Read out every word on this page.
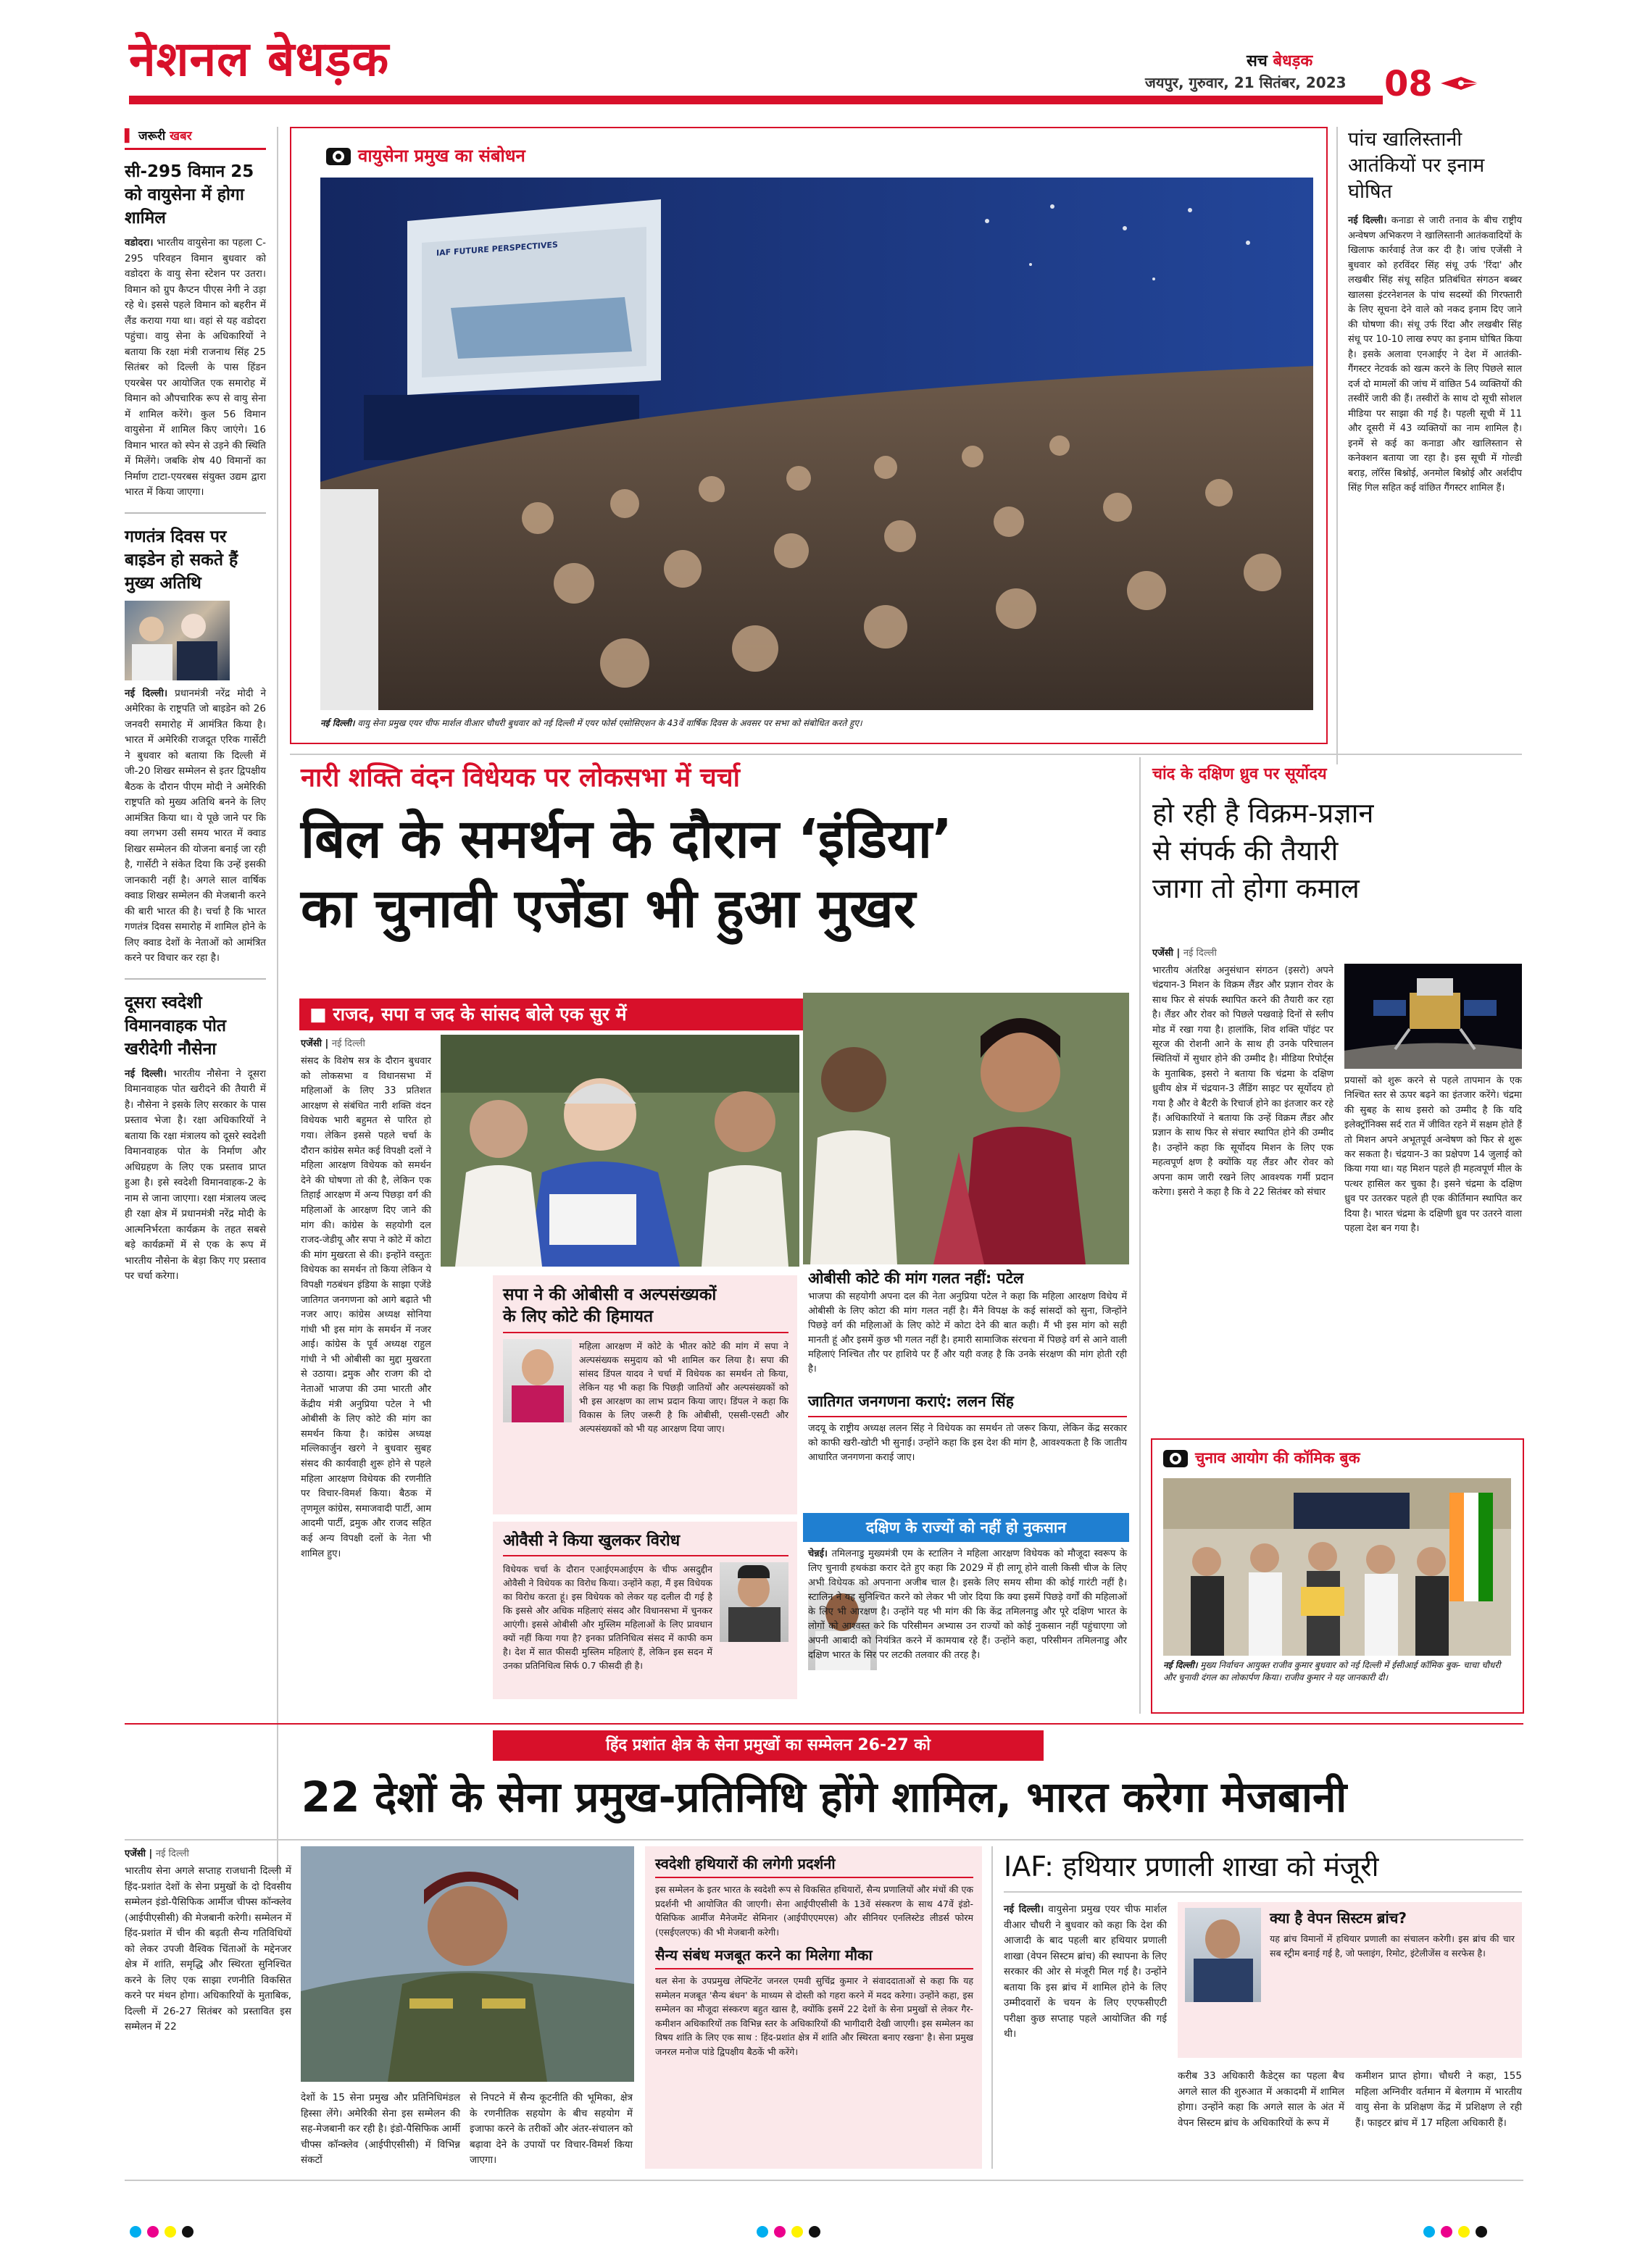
नेशनल बेधड़क	सच बेधड़क
जयपुर, गुरुवार, 21 सितंबर, 2023 08
▌ जरूरी खबर
सी-295 विमान 25 को वायुसेना में होगा शामिल
वडोदरा। भारतीय वायुसेना का पहला C-295 परिवहन विमान बुधवार को वडोदरा के वायु सेना स्टेशन पर उतरा। विमान को ग्रुप कैप्टन पीएस नेगी ने उड़ा रहे थे। इससे पहले विमान को बहरीन में लैंड कराया गया था। वहां से यह वडोदरा पहुंचा। वायु सेना के अधिकारियों ने बताया कि रक्षा मंत्री राजनाथ सिंह 25 सितंबर को दिल्ली के पास हिंडन एयरबेस पर आयोजित एक समारोह में विमान को औपचारिक रूप से वायु सेना में शामिल करेंगे। कुल 56 विमान वायुसेना में शामिल किए जाएंगे। 16 विमान भारत को स्पेन से उड़ने की स्थिति में मिलेंगे। जबकि शेष 40 विमानों का निर्माण टाटा-एयरबस संयुक्त उद्यम द्वारा भारत में किया जाएगा।
गणतंत्र दिवस पर बाइडेन हो सकते हैं मुख्य अतिथि
नई दिल्ली। प्रधानमंत्री नरेंद्र मोदी ने अमेरिका के राष्ट्रपति जो बाइडेन को 26 जनवरी समारोह में आमंत्रित किया है। भारत में अमेरिकी राजदूत एरिक गार्सेटी ने बुधवार को बताया कि दिल्ली में जी-20 शिखर सम्मेलन से इतर द्विपक्षीय बैठक के दौरान पीएम मोदी ने अमेरिकी राष्ट्रपति को मुख्य अतिथि बनने के लिए आमंत्रित किया था। ये पूछे जाने पर कि क्या लगभग उसी समय भारत में क्वाड शिखर सम्मेलन की योजना बनाई जा रही है, गार्सेटी ने संकेत दिया कि उन्हें इसकी जानकारी नहीं है। अगले साल वार्षिक क्वाड शिखर सम्मेलन की मेजबानी करने की बारी भारत की है। चर्चा है कि भारत गणतंत्र दिवस समारोह में शामिल होने के लिए क्वाड देशों के नेताओं को आमंत्रित करने पर विचार कर रहा है।
दूसरा स्वदेशी विमानवाहक पोत खरीदेगी नौसेना
नई दिल्ली। भारतीय नौसेना ने दूसरा विमानवाहक पोत खरीदने की तैयारी में है। नौसेना ने इसके लिए सरकार के पास प्रस्ताव भेजा है। रक्षा अधिकारियों ने बताया कि रक्षा मंत्रालय को दूसरे स्वदेशी विमानवाहक पोत के निर्माण और अधिग्रहण के लिए एक प्रस्ताव प्राप्त हुआ है। इसे स्वदेशी विमानवाहक-2 के नाम से जाना जाएगा। रक्षा मंत्रालय जल्द ही रक्षा क्षेत्र में प्रधानमंत्री नरेंद्र मोदी के आत्मनिर्भरता कार्यक्रम के तहत सबसे बड़े कार्यक्रमों में से एक के रूप में भारतीय नौसेना के बेड़ा किए गए प्रस्ताव पर चर्चा करेगा।
वायुसेना प्रमुख का संबोधन
IAF FUTURE PERSPECTIVES
नई दिल्ली। वायु सेना प्रमुख एयर चीफ मार्शल वीआर चौधरी बुधवार को नई दिल्ली में एयर फोर्स एसोसिएशन के 43वें वार्षिक दिवस के अवसर पर सभा को संबोधित करते हुए।
पांच खालिस्तानी आतंकियों पर इनाम घोषित
नई दिल्ली। कनाडा से जारी तनाव के बीच राष्ट्रीय अन्वेषण अभिकरण ने खालिस्तानी आतंकवादियों के खिलाफ कार्रवाई तेज कर दी है। जांच एजेंसी ने बुधवार को हरविंदर सिंह संधू उर्फ 'रिंदा' और लखबीर सिंह संधू सहित प्रतिबंधित संगठन बब्बर खालसा इंटरनेशनल के पांच सदस्यों की गिरफ्तारी के लिए सूचना देने वाले को नकद इनाम दिए जाने की घोषणा की। संधू उर्फ रिंदा और लखबीर सिंह संधू पर 10-10 लाख रुपए का इनाम घोषित किया है। इसके अलावा एनआईए ने देश में आतंकी-गैंगस्टर नेटवर्क को खत्म करने के लिए पिछले साल दर्ज दो मामलों की जांच में वांछित 54 व्यक्तियों की तस्वीरें जारी की हैं। तस्वीरों के साथ दो सूची सोशल मीडिया पर साझा की गई है। पहली सूची में 11 और दूसरी में 43 व्यक्तियों का नाम शामिल है। इनमें से कई का कनाडा और खालिस्तान से कनेक्शन बताया जा रहा है। इस सूची में गोल्डी बराड़, लॉरेंस बिश्नोई, अनमोल बिश्नोई और अर्शदीप सिंह गिल सहित कई वांछित गैंगस्टर शामिल हैं।
नारी शक्ति वंदन विधेयक पर लोकसभा में चर्चा
बिल के समर्थन के दौरान ‘इंडिया’
का चुनावी एजेंडा भी हुआ मुखर
■ राजद, सपा व जद के सांसद बोले एक सुर में
एजेंसी | नई दिल्ली
संसद के विशेष सत्र के दौरान बुधवार को लोकसभा व विधानसभा में महिलाओं के लिए 33 प्रतिशत आरक्षण से संबंधित नारी शक्ति वंदन विधेयक भारी बहुमत से पारित हो गया। लेकिन इससे पहले चर्चा के दौरान कांग्रेस समेत कई विपक्षी दलों ने महिला आरक्षण विधेयक को समर्थन देने की घोषणा तो की है, लेकिन एक तिहाई आरक्षण में अन्य पिछड़ा वर्ग की महिलाओं के आरक्षण दिए जाने की मांग की। कांग्रेस के सहयोगी दल राजद-जेडीयू और सपा ने कोटे में कोटा की मांग मुखरता से की। इन्होंने वस्तुतः विधेयक का समर्थन तो किया लेकिन ये विपक्षी गठबंधन इंडिया के साझा एजेंडे जातिगत जनगणना को आगे बढ़ाते भी नजर आए। कांग्रेस अध्यक्ष सोनिया गांधी भी इस मांग के समर्थन में नजर आई। कांग्रेस के पूर्व अध्यक्ष राहुल गांधी ने भी ओबीसी का मुद्दा मुखरता से उठाया। द्रमुक और राजग की दो नेताओं भाजपा की उमा भारती और केंद्रीय मंत्री अनुप्रिया पटेल ने भी ओबीसी के लिए कोटे की मांग का समर्थन किया है। कांग्रेस अध्यक्ष मल्लिकार्जुन खरगे ने बुधवार सुबह संसद की कार्यवाही शुरू होने से पहले महिला आरक्षण विधेयक की रणनीति पर विचार-विमर्श किया। बैठक में तृणमूल कांग्रेस, समाजवादी पार्टी, आम आदमी पार्टी, द्रमुक और राजद सहित कई अन्य विपक्षी दलों के नेता भी शामिल हुए।
ओबीसी कोटे की मांग गलत नहीं: पटेल
भाजपा की सहयोगी अपना दल की नेता अनुप्रिया पटेल ने कहा कि महिला आरक्षण विधेय में ओबीसी के लिए कोटा की मांग गलत नहीं है। मैंने विपक्ष के कई सांसदों को सुना, जिन्होंने पिछड़े वर्ग की महिलाओं के लिए कोटे में कोटा देने की बात कही। मैं भी इस मांग को सही मानती हूं और इसमें कुछ भी गलत नहीं है। हमारी सामाजिक संरचना में पिछड़े वर्ग से आने वाली महिलाएं निश्चित तौर पर हाशिये पर हैं और यही वजह है कि उनके संरक्षण की मांग होती रही है।
सपा ने की ओबीसी व अल्पसंख्यकों
के लिए कोटे की हिमायत
महिला आरक्षण में कोटे के भीतर कोटे की मांग में सपा ने अल्पसंख्यक समुदाय को भी शामिल कर लिया है। सपा की सांसद डिंपल यादव ने चर्चा में विधेयक का समर्थन तो किया, लेकिन यह भी कहा कि पिछड़ी जातियों और अल्पसंख्यकों को भी इस आरक्षण का लाभ प्रदान किया जाए। डिंपल ने कहा कि विकास के लिए जरूरी है कि ओबीसी, एससी-एसटी और अल्पसंख्यकों को भी यह आरक्षण दिया जाए।
जातिगत जनगणना कराएं: ललन सिंह
जदयू के राष्ट्रीय अध्यक्ष ललन सिंह ने विधेयक का समर्थन तो जरूर किया, लेकिन केंद्र सरकार को काफी खरी-खोटी भी सुनाई। उन्होंने कहा कि इस देश की मांग है, आवश्यकता है कि जातीय आधारित जनगणना कराई जाए।
ओवैसी ने किया खुलकर विरोध
विधेयक चर्चा के दौरान एआईएमआईएम के चीफ असदुद्दीन ओवैसी ने विधेयक का विरोध किया। उन्होंने कहा, मैं इस विधेयक का विरोध करता हूं। इस विधेयक को लेकर यह दलील दी गई है कि इससे और अधिक महिलाएं संसद और विधानसभा में चुनकर आएंगी। इससे ओबीसी और मुस्लिम महिलाओं के लिए प्रावधान क्यों नहीं किया गया है? इनका प्रतिनिधित्व संसद में काफी कम है। देश में सात फीसदी मुस्लिम महिलाएं हैं, लेकिन इस सदन में उनका प्रतिनिधित्व सिर्फ 0.7 फीसदी ही है।
दक्षिण के राज्यों को नहीं हो नुकसान
चेन्नई। तमिलनाडु मुख्यमंत्री एम के स्टालिन ने महिला आरक्षण विधेयक को मौजूदा स्वरूप के लिए चुनावी हथकंडा करार देते हुए कहा कि 2029 में ही लागू होने वाली किसी चीज के लिए अभी विधेयक को अपनाना अजीब चाल है। इसके लिए समय सीमा की कोई गारंटी नहीं है। स्टालिन ने यह सुनिश्चित करने को लेकर भी जोर दिया कि क्या इसमें पिछड़े वर्गों की महिलाओं के लिए भी आरक्षण है। उन्होंने यह भी मांग की कि केंद्र तमिलनाडु और पूरे दक्षिण भारत के लोगों को आश्वस्त करे कि परिसीमन अभ्यास उन राज्यों को कोई नुकसान नहीं पहुंचाएगा जो अपनी आबादी को नियंत्रित करने में कामयाब रहे हैं। उन्होंने कहा, परिसीमन तमिलनाडु और दक्षिण भारत के सिर पर लटकी तलवार की तरह है।
चांद के दक्षिण ध्रुव पर सूर्योदय
हो रही है विक्रम-प्रज्ञान
से संपर्क की तैयारी
जागा तो होगा कमाल
एजेंसी | नई दिल्ली
भारतीय अंतरिक्ष अनुसंधान संगठन (इसरो) अपने चंद्रयान-3 मिशन के विक्रम लैंडर और प्रज्ञान रोवर के साथ फिर से संपर्क स्थापित करने की तैयारी कर रहा है। लैंडर और रोवर को पिछले पखवाड़े दिनों से स्लीप मोड में रखा गया है। हालांकि, शिव शक्ति पॉइंट पर सूरज की रोशनी आने के साथ ही उनके परिचालन स्थितियों में सुधार होने की उम्मीद है। मीडिया रिपोर्ट्स के मुताबिक, इसरो ने बताया कि चंद्रमा के दक्षिण ध्रुवीय क्षेत्र में चंद्रयान-3 लैंडिंग साइट पर सूर्योदय हो गया है और वे बैटरी के रिचार्ज होने का इंतजार कर रहे हैं। अधिकारियों ने बताया कि उन्हें विक्रम लैंडर और प्रज्ञान के साथ फिर से संचार स्थापित होने की उम्मीद है। उन्होंने कहा कि सूर्योदय मिशन के लिए एक महत्वपूर्ण क्षण है क्योंकि यह लैंडर और रोवर को अपना काम जारी रखने लिए आवश्यक गर्मी प्रदान करेगा। इसरो ने कहा है कि वे 22 सितंबर को संचार
प्रयासों को शुरू करने से पहले तापमान के एक निश्चित स्तर से ऊपर बढ़ने का इंतजार करेंगे। चंद्रमा की सुबह के साथ इसरो को उम्मीद है कि यदि इलेक्ट्रॉनिक्स सर्द रात में जीवित रहने में सक्षम होते हैं तो मिशन अपने अभूतपूर्व अन्वेषण को फिर से शुरू कर सकता है। चंद्रयान-3 का प्रक्षेपण 14 जुलाई को किया गया था। यह मिशन पहले ही महत्वपूर्ण मील के पत्थर हासिल कर चुका है। इसने चंद्रमा के दक्षिण ध्रुव पर उतरकर पहले ही एक कीर्तिमान स्थापित कर दिया है। भारत चंद्रमा के दक्षिणी ध्रुव पर उतरने वाला पहला देश बन गया है।
चुनाव आयोग की कॉमिक बुक
नई दिल्ली। मुख्य निर्वाचन आयुक्त राजीव कुमार बुधवार को नई दिल्ली में ईसीआई कॉमिक बुक- चाचा चौधरी और चुनावी दंगल का लोकार्पण किया। राजीव कुमार ने यह जानकारी दी।
हिंद प्रशांत क्षेत्र के सेना प्रमुखों का सम्मेलन 26-27 को
22 देशों के सेना प्रमुख-प्रतिनिधि होंगे शामिल, भारत करेगा मेजबानी
एजेंसी | नई दिल्ली
भारतीय सेना अगले सप्ताह राजधानी दिल्ली में हिंद-प्रशांत देशों के सेना प्रमुखों के दो दिवसीय सम्मेलन इंडो-पैसिफिक आर्मीज चीफ्स कॉन्क्लेव (आईपीएसीसी) की मेजबानी करेगी। सम्मेलन में हिंद-प्रशांत में चीन की बढ़ती सैन्य गतिविधियों को लेकर उपजी वैश्विक चिंताओं के मद्देनजर क्षेत्र में शांति, समृद्धि और स्थिरता सुनिश्चित करने के लिए एक साझा रणनीति विकसित करने पर मंथन होगा। अधिकारियों के मुताबिक, दिल्ली में 26-27 सितंबर को प्रस्तावित इस सम्मेलन में 22
देशों के 15 सेना प्रमुख और प्रतिनिधिमंडल हिस्सा लेंगे। अमेरिकी सेना इस सम्मेलन की सह-मेजबानी कर रही है। इंडो-पैसिफिक आर्मी चीफ्स कॉन्क्लेव (आईपीएसीसी) में विभिन्न संकटों
से निपटने में सैन्य कूटनीति की भूमिका, क्षेत्र के रणनीतिक सहयोग के बीच सहयोग में इजाफा करने के तरीकों और अंतर-संचालन को बढ़ावा देने के उपायों पर विचार-विमर्श किया जाएगा।
स्वदेशी हथियारों की लगेगी प्रदर्शनी
इस सम्मेलन के इतर भारत के स्वदेशी रूप से विकसित हथियारों, सैन्य प्रणालियों और मंचों की एक प्रदर्शनी भी आयोजित की जाएगी। सेना आईपीएसीसी के 13वें संस्करण के साथ 47वें इंडो-पैसिफिक आर्मीज मैनेजमेंट सेमिनार (आईपीएएमएस) और सीनियर एनलिस्टेड लीडर्स फोरम (एसईएलएफ) की भी मेजबानी करेगी।
सैन्य संबंध मजबूत करने का मिलेगा मौका
थल सेना के उपप्रमुख लेफ्टिनेंट जनरल एमवी सुचिंद्र कुमार ने संवाददाताओं से कहा कि यह सम्मेलन मजबूत 'सैन्य बंधन' के माध्यम से दोस्ती को गहरा करने में मदद करेगा। उन्होंने कहा, इस सम्मेलन का मौजूदा संस्करण बहुत खास है, क्योंकि इसमें 22 देशों के सेना प्रमुखों से लेकर गैर-कमीशन अधिकारियों तक विभिन्न स्तर के अधिकारियों की भागीदारी देखी जाएगी। इस सम्मेलन का विषय शांति के लिए एक साथ : हिंद-प्रशांत क्षेत्र में शांति और स्थिरता बनाए रखना' है। सेना प्रमुख जनरल मनोज पांडे द्विपक्षीय बैठकें भी करेंगे।
IAF: हथियार प्रणाली शाखा को मंजूरी
नई दिल्ली। वायुसेना प्रमुख एयर चीफ मार्शल वीआर चौधरी ने बुधवार को कहा कि देश की आजादी के बाद पहली बार हथियार प्रणाली शाखा (वेपन सिस्टम ब्रांच) की स्थापना के लिए सरकार की ओर से मंजूरी मिल गई है। उन्होंने बताया कि इस ब्रांच में शामिल होने के लिए उम्मीदवारों के चयन के लिए एएफसीएटी परीक्षा कुछ सप्ताह पहले आयोजित की गई थी।
क्या है वेपन सिस्टम ब्रांच?
यह ब्रांच विमानों में हथियार प्रणाली का संचालन करेगी। इस ब्रांच की चार सब स्ट्रीम बनाई गई है, जो फ्लाइंग, रिमोट, इंटेलीजेंस व सरफेस है।
करीब 33 अधिकारी कैडेट्स का पहला बैच अगले साल की शुरुआत में अकादमी में शामिल होगा। उन्होंने कहा कि अगले साल के अंत में वेपन सिस्टम ब्रांच के अधिकारियों के रूप में
कमीशन प्राप्त होगा। चौधरी ने कहा, 155 महिला अग्निवीर वर्तमान में बेलगाम में भारतीय वायु सेना के प्रशिक्षण केंद्र में प्रशिक्षण ले रही हैं। फाइटर ब्रांच में 17 महिला अधिकारी हैं।
